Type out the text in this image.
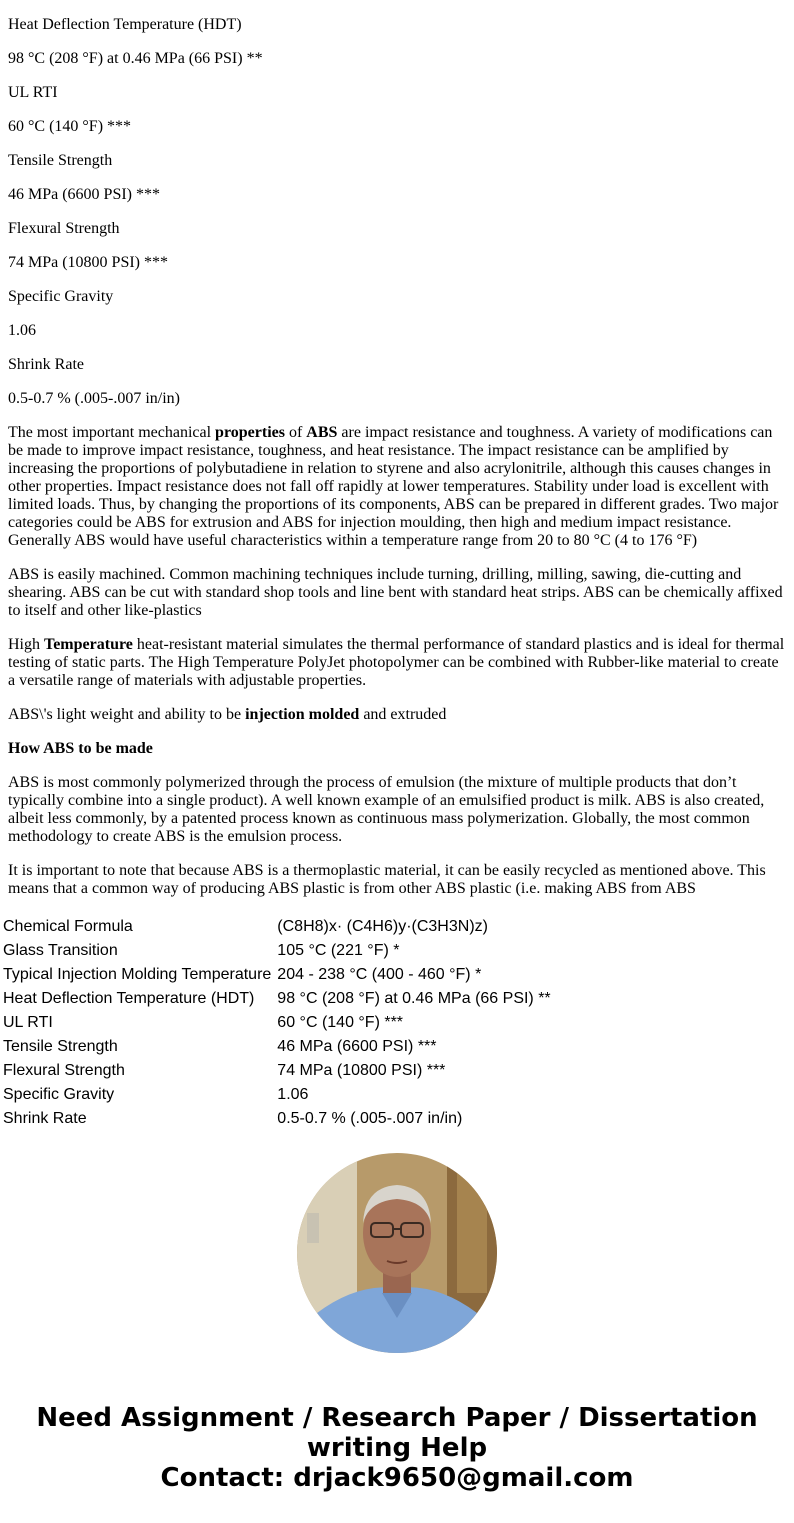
Heat Deflection Temperature (HDT)

98 °C (208 °F) at 0.46 MPa (66 PSI) **

UL RTI

60 °C (140 °F) ***

Tensile Strength

46 MPa (6600 PSI) ***

Flexural Strength

74 MPa (10800 PSI) ***

Specific Gravity

1.06

Shrink Rate

0.5-0.7 % (.005-.007 in/in)

The most important mechanical properties of ABS are impact resistance and toughness. A variety of modifications can be made to improve impact resistance, toughness, and heat resistance. The impact resistance can be amplified by increasing the proportions of polybutadiene in relation to styrene and also acrylonitrile, although this causes changes in other properties. Impact resistance does not fall off rapidly at lower temperatures. Stability under load is excellent with limited loads. Thus, by changing the proportions of its components, ABS can be prepared in different grades. Two major categories could be ABS for extrusion and ABS for injection moulding, then high and medium impact resistance. Generally ABS would have useful characteristics within a temperature range from 20 to 80 °C (4 to 176 °F)

ABS is easily machined. Common machining techniques include turning, drilling, milling, sawing, die-cutting and shearing. ABS can be cut with standard shop tools and line bent with standard heat strips. ABS can be chemically affixed to itself and other like-plastics

High Temperature heat-resistant material simulates the thermal performance of standard plastics and is ideal for thermal testing of static parts. The High Temperature PolyJet photopolymer can be combined with Rubber-like material to create a versatile range of materials with adjustable properties.

ABS\'s light weight and ability to be injection molded and extruded

How ABS to be made

ABS is most commonly polymerized through the process of emulsion (the mixture of multiple products that don’t typically combine into a single product). A well known example of an emulsified product is milk. ABS is also created, albeit less commonly, by a patented process known as continuous mass polymerization. Globally, the most common methodology to create ABS is the emulsion process.

It is important to note that because ABS is a thermoplastic material, it can be easily recycled as mentioned above. This means that a common way of producing ABS plastic is from other ABS plastic (i.e. making ABS from ABS

Chemical Formula	(C8H8)x· (C4H6)y·(C3H3N)z)
Glass Transition	105 °C (221 °F) *
Typical Injection Molding Temperature	204 - 238 °C (400 - 460 °F) *
Heat Deflection Temperature (HDT)	98 °C (208 °F) at 0.46 MPa (66 PSI) **
UL RTI	60 °C (140 °F) ***
Tensile Strength	46 MPa (6600 PSI) ***
Flexural Strength	74 MPa (10800 PSI) ***
Specific Gravity	1.06
Shrink Rate	0.5-0.7 % (.005-.007 in/in)
Need Assignment / Research Paper / Dissertation
writing Help
Contact: drjack9650@gmail.com
